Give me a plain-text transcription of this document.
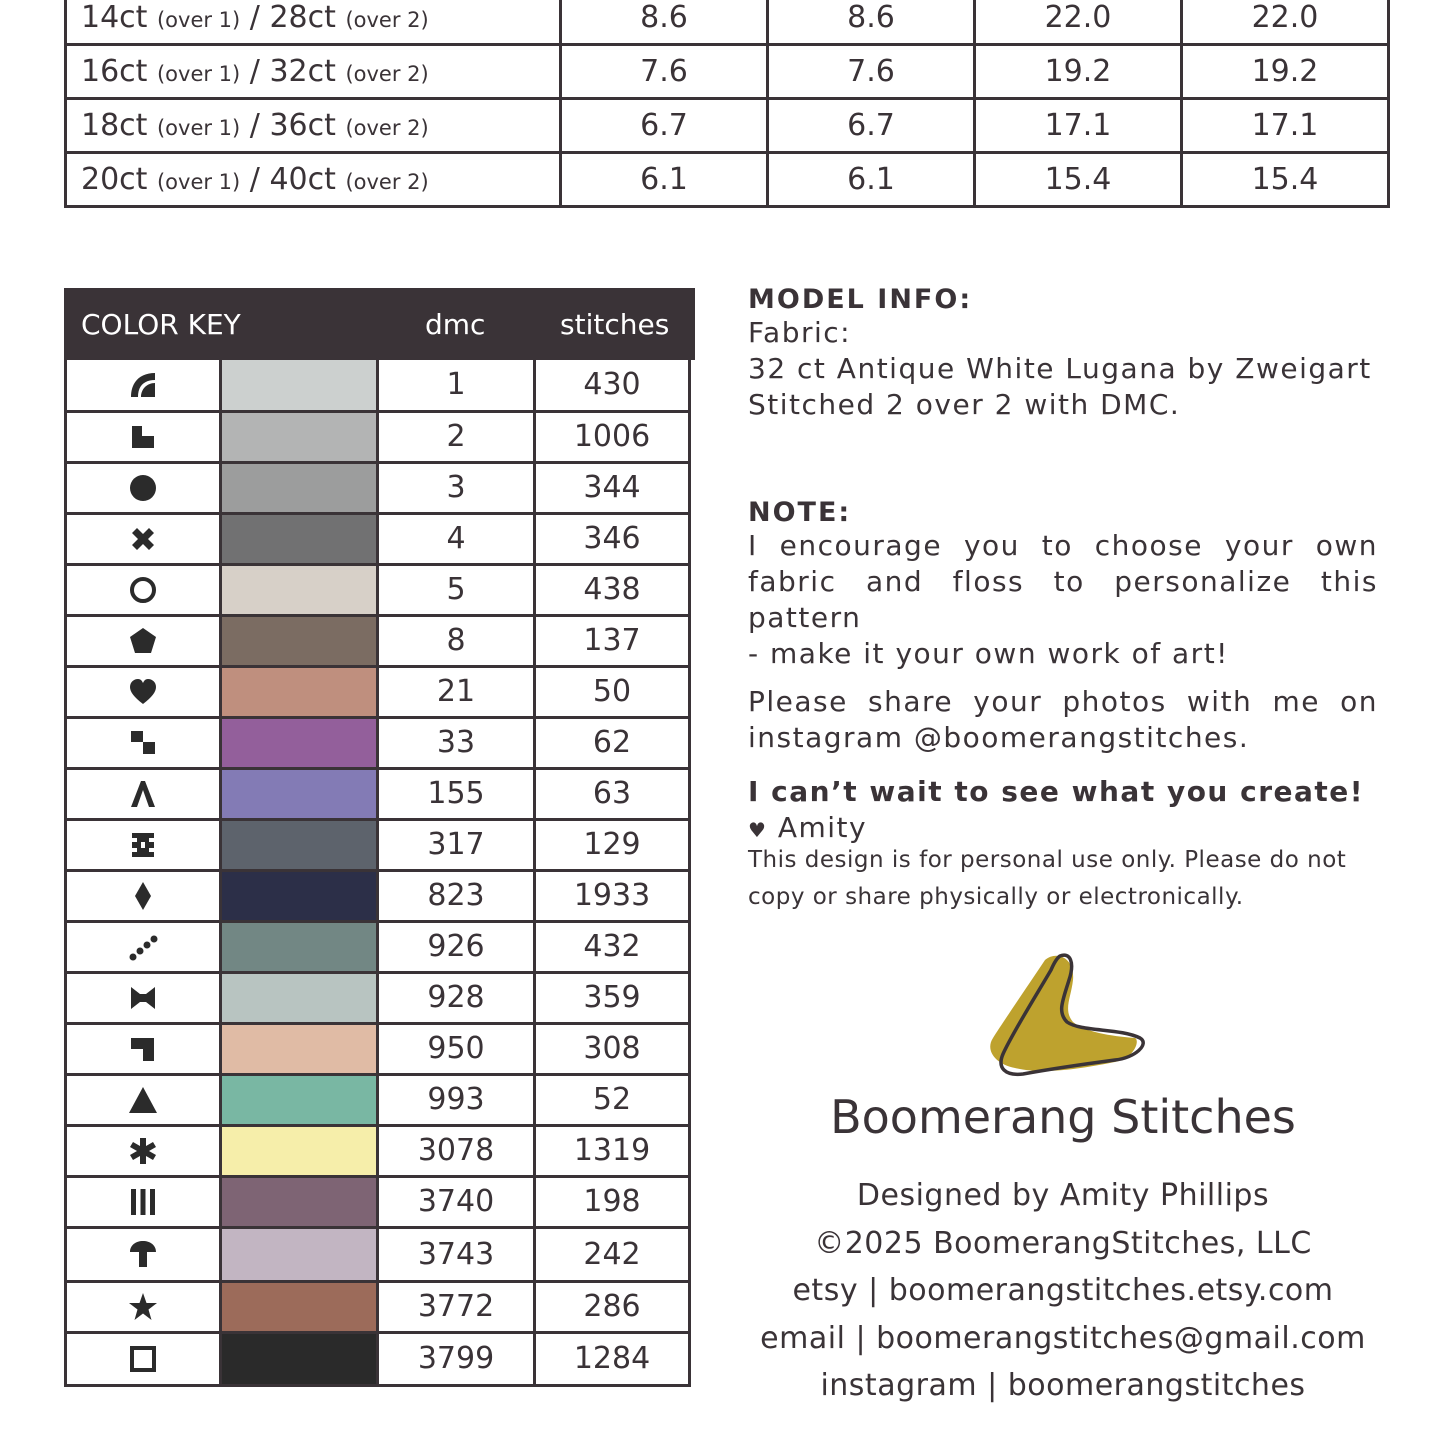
14ct (over 1) / 28ct (over 2)	8.6	8.6	22.0	22.0
16ct (over 1) / 32ct (over 2)	7.6	7.6	19.2	19.2
18ct (over 1) / 36ct (over 2)	6.7	6.7	17.1	17.1
20ct (over 1) / 40ct (over 2)	6.1	6.1	15.4	15.4
COLOR KEY	dmc	stitches
		1	430

		2	1006

		3	344

		4	346

		5	438

		8	137

		21	50

		33	62

		155	63

		317	129

		823	1933

		926	432

		928	359

		950	308

		993	52

		3078	1319

		3740	198

		3743	242

		3772	286

		3799	1284
MODEL INFO:
Fabric:
32 ct Antique White Lugana by Zweigart
Stitched 2 over 2 with DMC.
NOTE:
I encourage you to choose your own
fabric and floss to personalize this pattern
- make it your own work of art!
Please share your photos with me on
instagram @boomerangstitches.
I can’t wait to see what you create! ♥ Amity
This design is for personal use only. Please do not
copy or share physically or electronically.
Boomerang Stitches
Designed by Amity Phillips
©2025 BoomerangStitches, LLC
etsy | boomerangstitches.etsy.com
email | boomerangstitches@gmail.com
instagram | boomerangstitches
